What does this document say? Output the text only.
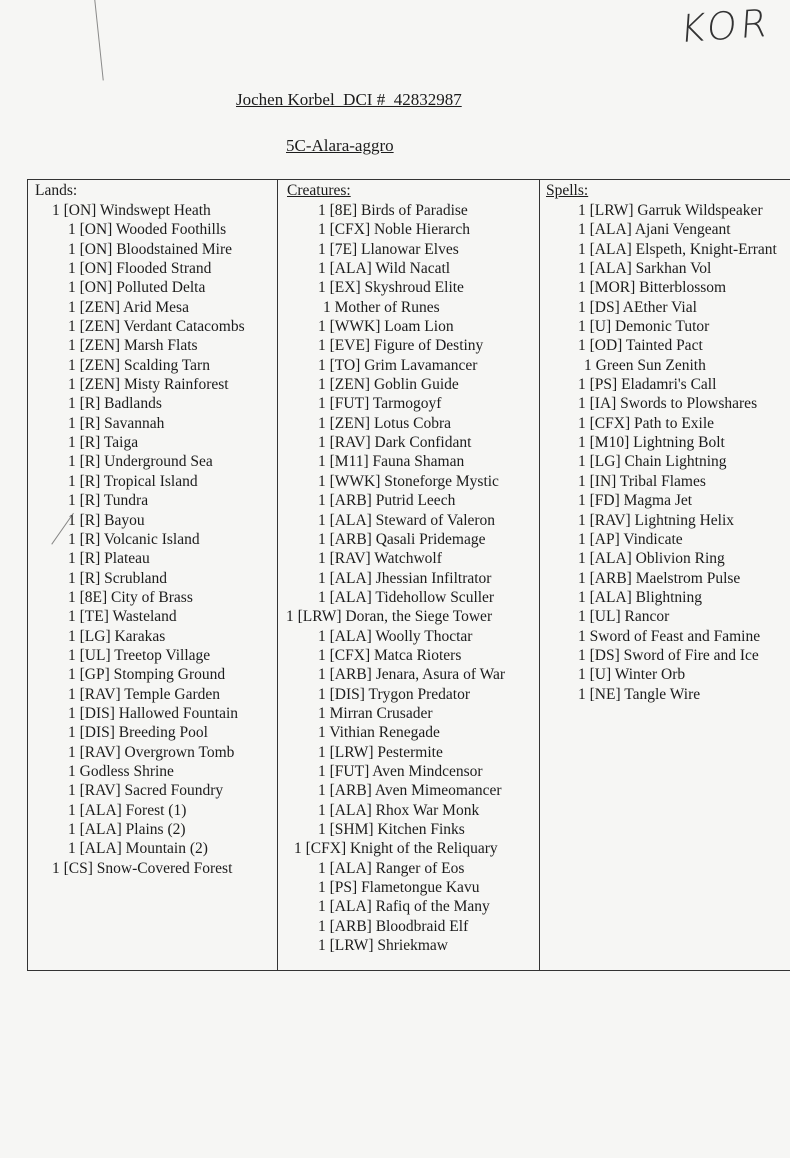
KOR
Jochen Korbel  DCI #  42832987
5C-Alara-aggro
Lands:
1 [ON] Windswept Heath
1 [ON] Wooded Foothills
1 [ON] Bloodstained Mire
1 [ON] Flooded Strand
1 [ON] Polluted Delta
1 [ZEN] Arid Mesa
1 [ZEN] Verdant Catacombs
1 [ZEN] Marsh Flats
1 [ZEN] Scalding Tarn
1 [ZEN] Misty Rainforest
1 [R] Badlands
1 [R] Savannah
1 [R] Taiga
1 [R] Underground Sea
1 [R] Tropical Island
1 [R] Tundra
1 [R] Bayou
1 [R] Volcanic Island
1 [R] Plateau
1 [R] Scrubland
1 [8E] City of Brass
1 [TE] Wasteland
1 [LG] Karakas
1 [UL] Treetop Village
1 [GP] Stomping Ground
1 [RAV] Temple Garden
1 [DIS] Hallowed Fountain
1 [DIS] Breeding Pool
1 [RAV] Overgrown Tomb
1 Godless Shrine
1 [RAV] Sacred Foundry
1 [ALA] Forest (1)
1 [ALA] Plains (2)
1 [ALA] Mountain (2)
1 [CS] Snow-Covered Forest
Creatures:
1 [8E] Birds of Paradise
1 [CFX] Noble Hierarch
1 [7E] Llanowar Elves
1 [ALA] Wild Nacatl
1 [EX] Skyshroud Elite
1 Mother of Runes
1 [WWK] Loam Lion
1 [EVE] Figure of Destiny
1 [TO] Grim Lavamancer
1 [ZEN] Goblin Guide
1 [FUT] Tarmogoyf
1 [ZEN] Lotus Cobra
1 [RAV] Dark Confidant
1 [M11] Fauna Shaman
1 [WWK] Stoneforge Mystic
1 [ARB] Putrid Leech
1 [ALA] Steward of Valeron
1 [ARB] Qasali Pridemage
1 [RAV] Watchwolf
1 [ALA] Jhessian Infiltrator
1 [ALA] Tidehollow Sculler
1 [LRW] Doran, the Siege Tower
1 [ALA] Woolly Thoctar
1 [CFX] Matca Rioters
1 [ARB] Jenara, Asura of War
1 [DIS] Trygon Predator
1 Mirran Crusader
1 Vithian Renegade
1 [LRW] Pestermite
1 [FUT] Aven Mindcensor
1 [ARB] Aven Mimeomancer
1 [ALA] Rhox War Monk
1 [SHM] Kitchen Finks
1 [CFX] Knight of the Reliquary
1 [ALA] Ranger of Eos
1 [PS] Flametongue Kavu
1 [ALA] Rafiq of the Many
1 [ARB] Bloodbraid Elf
1 [LRW] Shriekmaw
Spells:
1 [LRW] Garruk Wildspeaker
1 [ALA] Ajani Vengeant
1 [ALA] Elspeth, Knight-Errant
1 [ALA] Sarkhan Vol
1 [MOR] Bitterblossom
1 [DS] AEther Vial
1 [U] Demonic Tutor
1 [OD] Tainted Pact
1 Green Sun Zenith
1 [PS] Eladamri's Call
1 [IA] Swords to Plowshares
1 [CFX] Path to Exile
1 [M10] Lightning Bolt
1 [LG] Chain Lightning
1 [IN] Tribal Flames
1 [FD] Magma Jet
1 [RAV] Lightning Helix
1 [AP] Vindicate
1 [ALA] Oblivion Ring
1 [ARB] Maelstrom Pulse
1 [ALA] Blightning
1 [UL] Rancor
1 Sword of Feast and Famine
1 [DS] Sword of Fire and Ice
1 [U] Winter Orb
1 [NE] Tangle Wire
